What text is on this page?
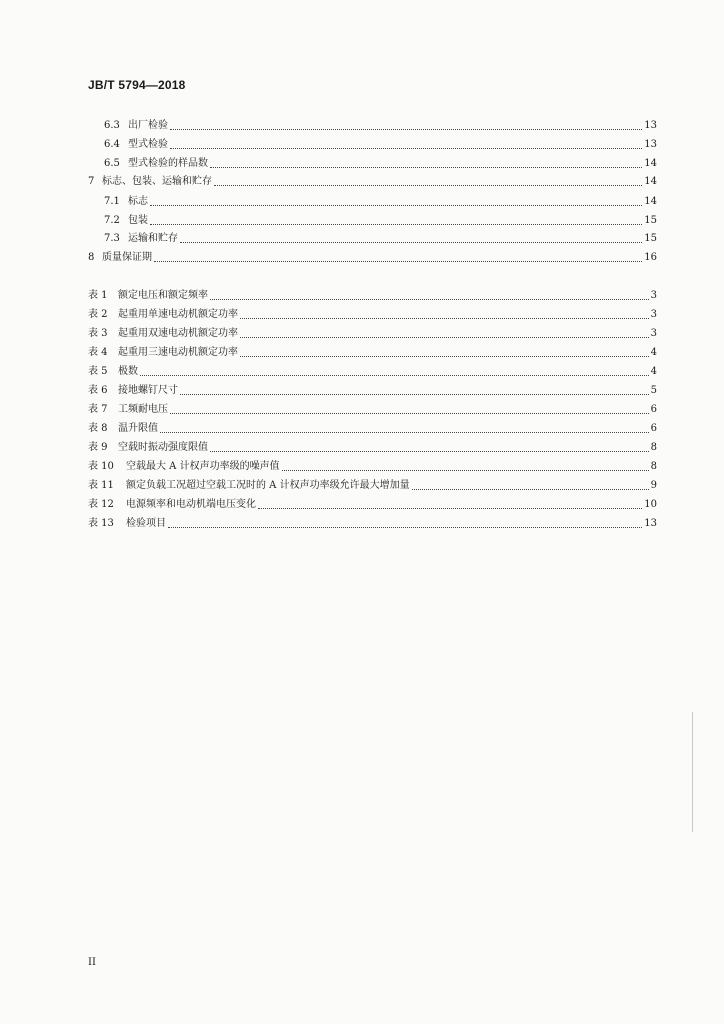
JB/T 5794—2018
6.3 出厂检验	13
6.4 型式检验	13
6.5 型式检验的样品数	14
7 标志、包装、运输和贮存	14
7.1 标志	14
7.2 包装	15
7.3 运输和贮存	15
8 质量保证期	16
表 1	额定电压和额定频率	3
表 2	起重用单速电动机额定功率	3
表 3	起重用双速电动机额定功率	3
表 4	起重用三速电动机额定功率	4
表 5	极数	4
表 6	接地螺钉尺寸	5
表 7	工频耐电压	6
表 8	温升限值	6
表 9	空载时振动强度限值	8
表 10	空载最大 A 计权声功率级的噪声值	8
表 11	额定负载工况超过空载工况时的 A 计权声功率级允许最大增加量	9
表 12	电源频率和电动机端电压变化	10
表 13	检验项目	13
II
